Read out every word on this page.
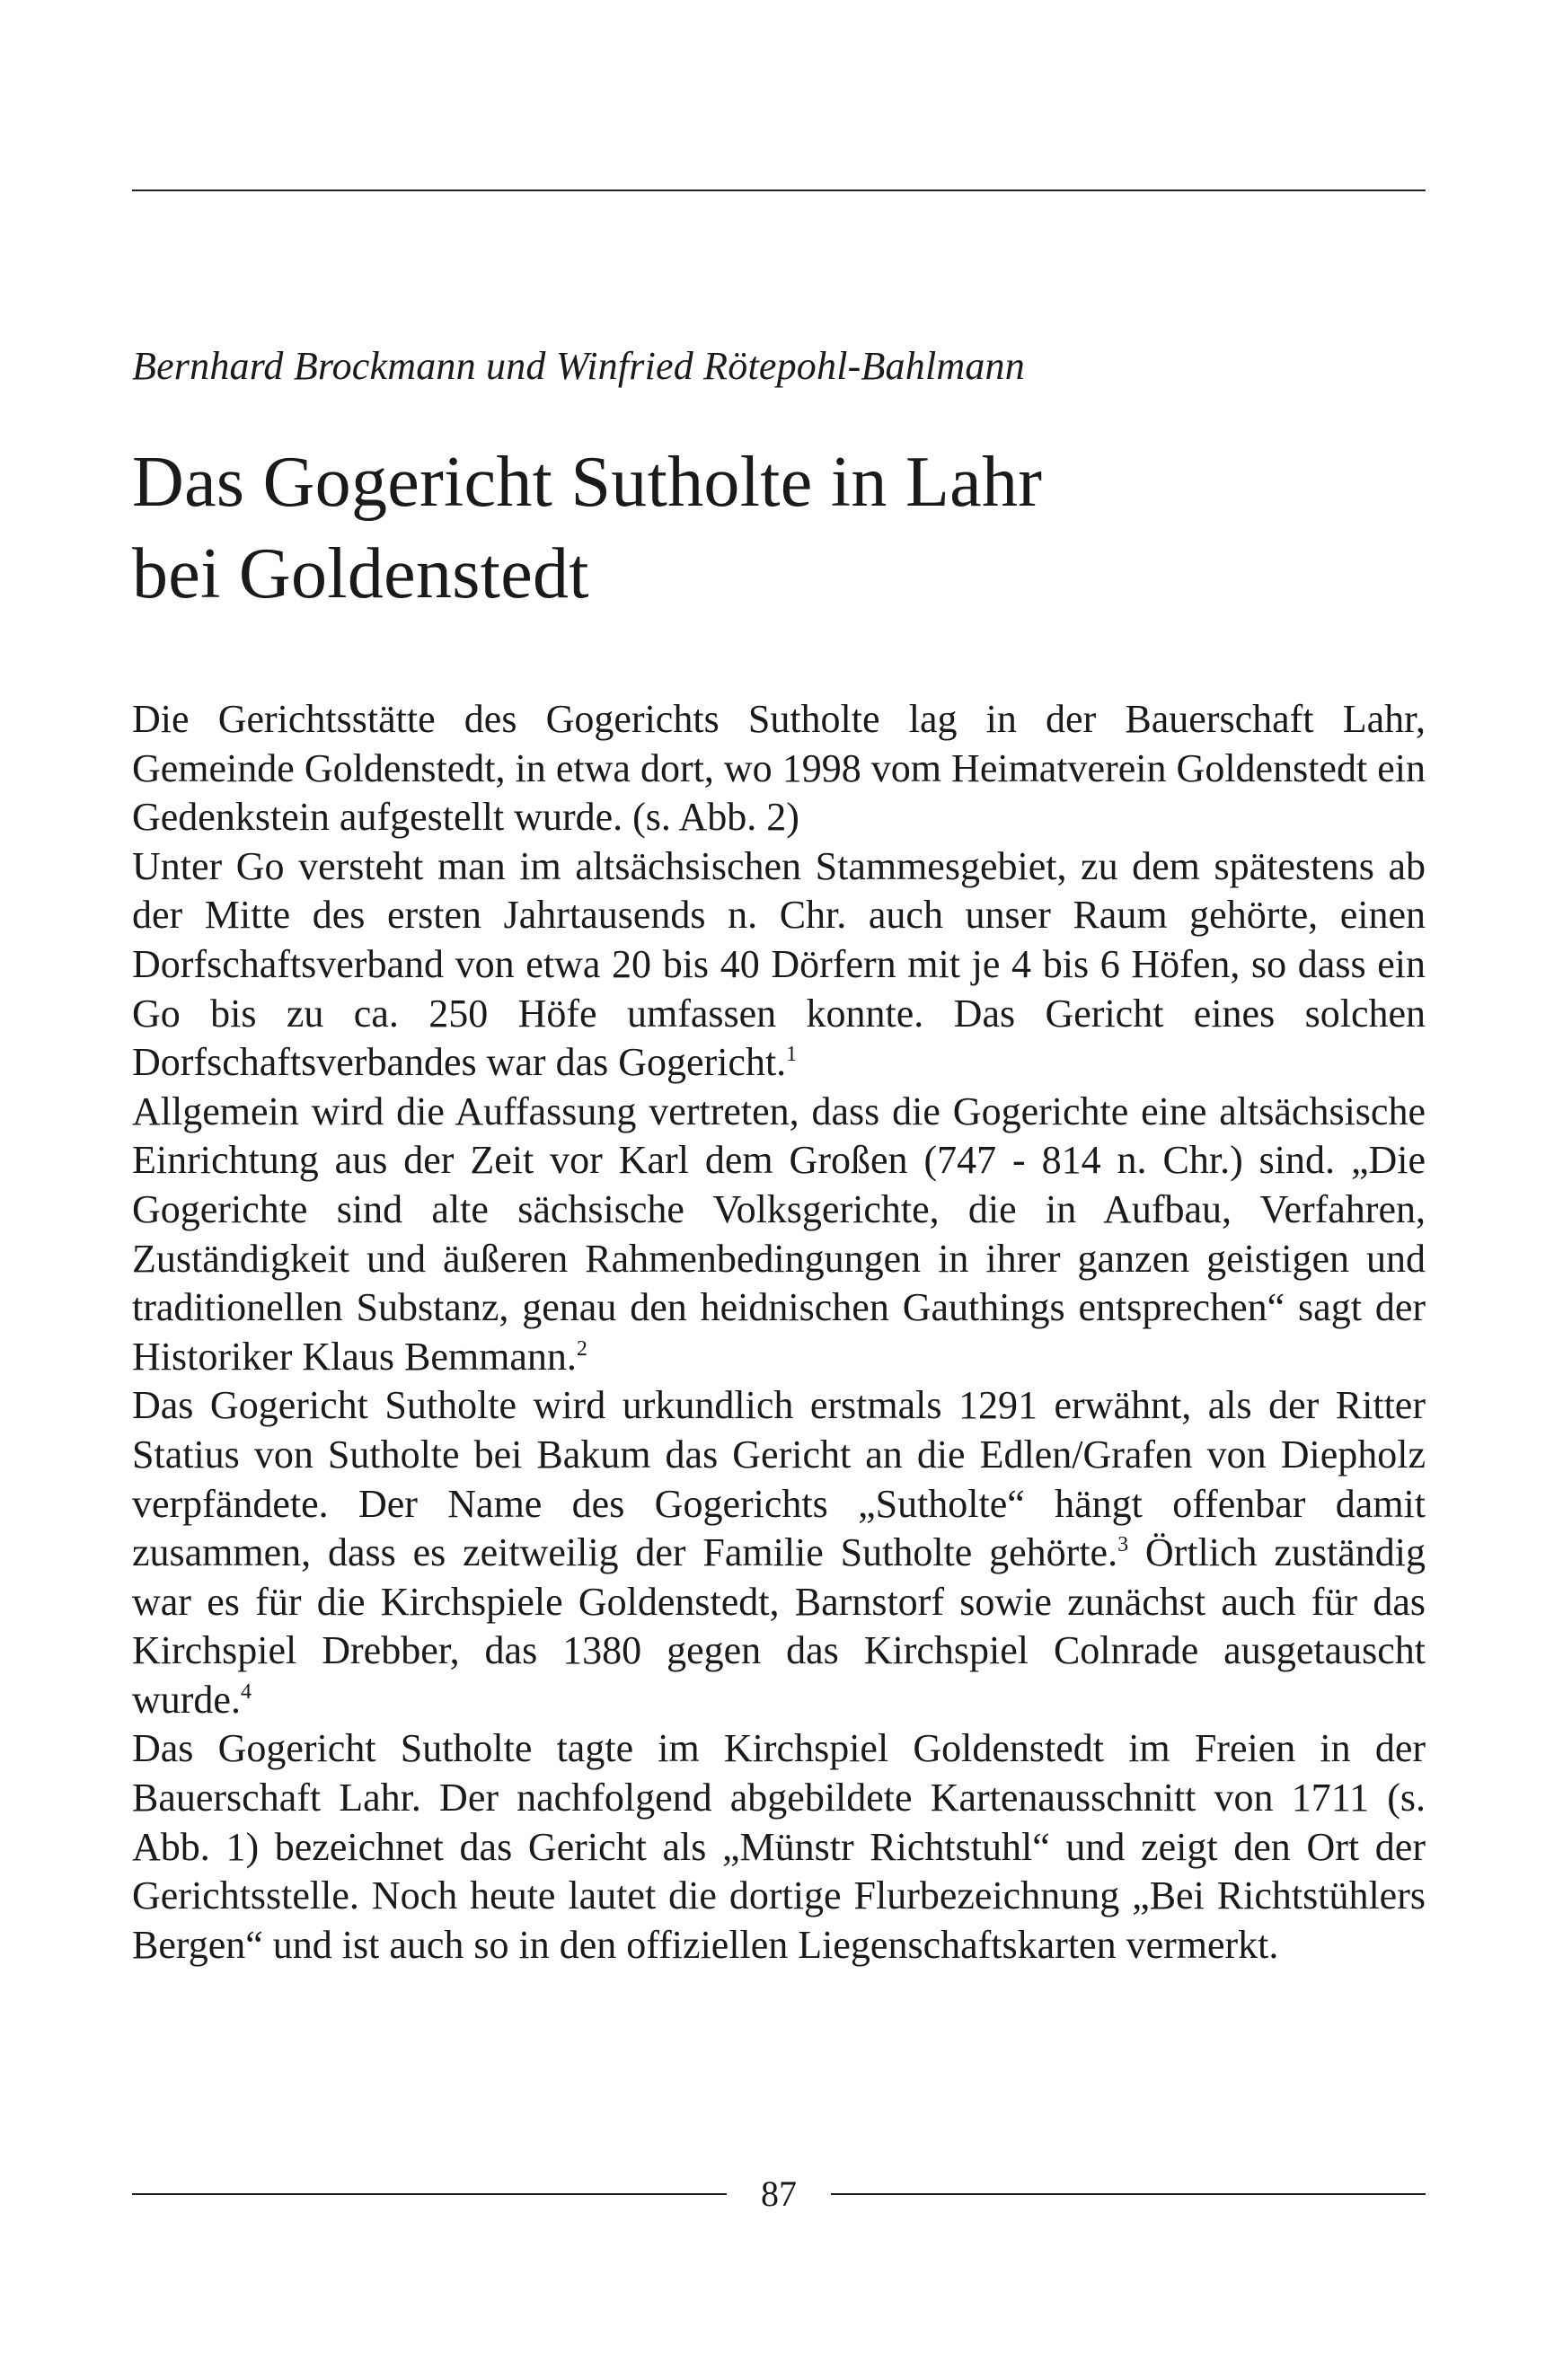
Bernhard Brockmann und Winfried Rötepohl-Bahlmann
Das Gogericht Sutholte in Lahr
bei Goldenstedt

Die Gerichtsstätte des Gogerichts Sutholte lag in der Bauerschaft Lahr, Gemeinde Goldenstedt, in etwa dort, wo 1998 vom Heimatverein Goldenstedt ein Gedenkstein aufgestellt wurde. (s. Abb. 2)

Unter Go versteht man im altsächsischen Stammesgebiet, zu dem spätestens ab der Mitte des ersten Jahrtausends n. Chr. auch unser Raum gehörte, einen Dorfschaftsverband von etwa 20 bis 40 Dörfern mit je 4 bis 6 Höfen, so dass ein Go bis zu ca. 250 Höfe umfassen konnte. Das Gericht eines solchen Dorfschaftsverbandes war das Gogericht.$^1$

Allgemein wird die Auffassung vertreten, dass die Gogerichte eine altsächsische Einrichtung aus der Zeit vor Karl dem Großen (747 - 814 n. Chr.) sind. „Die Gogerichte sind alte sächsische Volksgerichte, die in Aufbau, Verfahren, Zuständigkeit und äußeren Rahmenbedingungen in ihrer ganzen geistigen und traditionellen Substanz, genau den heidnischen Gauthings entsprechen“ sagt der Historiker Klaus Bemmann.$^2$

Das Gogericht Sutholte wird urkundlich erstmals 1291 erwähnt, als der Ritter Statius von Sutholte bei Bakum das Gericht an die Edlen/Grafen von Diepholz verpfändete. Der Name des Gogerichts „Sutholte“ hängt offenbar damit zusammen, dass es zeitweilig der Familie Sutholte gehörte.$^3$ Örtlich zuständig war es für die Kirchspiele Goldenstedt, Barnstorf sowie zunächst auch für das Kirchspiel Drebber, das 1380 gegen das Kirchspiel Colnrade ausgetauscht wurde.$^4$

Das Gogericht Sutholte tagte im Kirchspiel Goldenstedt im Freien in der Bauerschaft Lahr. Der nachfolgend abgebildete Kartenausschnitt von 1711 (s. Abb. 1) bezeichnet das Gericht als „Münstr Richtstuhl“ und zeigt den Ort der Gerichtsstelle. Noch heute lautet die dortige Flurbezeichnung „Bei Richtstühlers Bergen“ und ist auch so in den offiziellen Liegenschaftskarten vermerkt.

87
